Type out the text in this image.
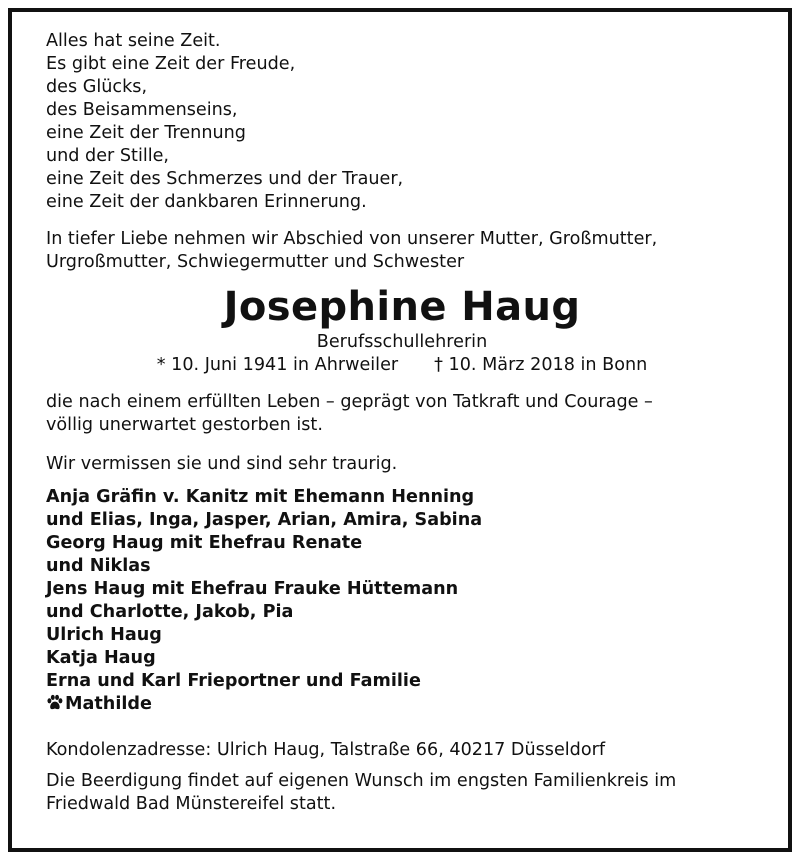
Alles hat seine Zeit.
Es gibt eine Zeit der Freude,
des Glücks,
des Beisammenseins,
eine Zeit der Trennung
und der Stille,
eine Zeit des Schmerzes und der Trauer,
eine Zeit der dankbaren Erinnerung.
In tiefer Liebe nehmen wir Abschied von unserer Mutter, Großmutter,
Urgroßmutter, Schwiegermutter und Schwester
Josephine Haug
Berufsschullehrerin
* 10. Juni 1941 in Ahrweiler † 10. März 2018 in Bonn
die nach einem erfüllten Leben – geprägt von Tatkraft und Courage –
völlig unerwartet gestorben ist.
Wir vermissen sie und sind sehr traurig.
Anja Gräfin v. Kanitz mit Ehemann Henning
und Elias, Inga, Jasper, Arian, Amira, Sabina
Georg Haug mit Ehefrau Renate
und Niklas
Jens Haug mit Ehefrau Frauke Hüttemann
und Charlotte, Jakob, Pia
Ulrich Haug
Katja Haug
Erna und Karl Frieportner und Familie
Mathilde
Kondolenzadresse: Ulrich Haug, Talstraße 66, 40217 Düsseldorf
Die Beerdigung findet auf eigenen Wunsch im engsten Familienkreis im
Friedwald Bad Münstereifel statt.
